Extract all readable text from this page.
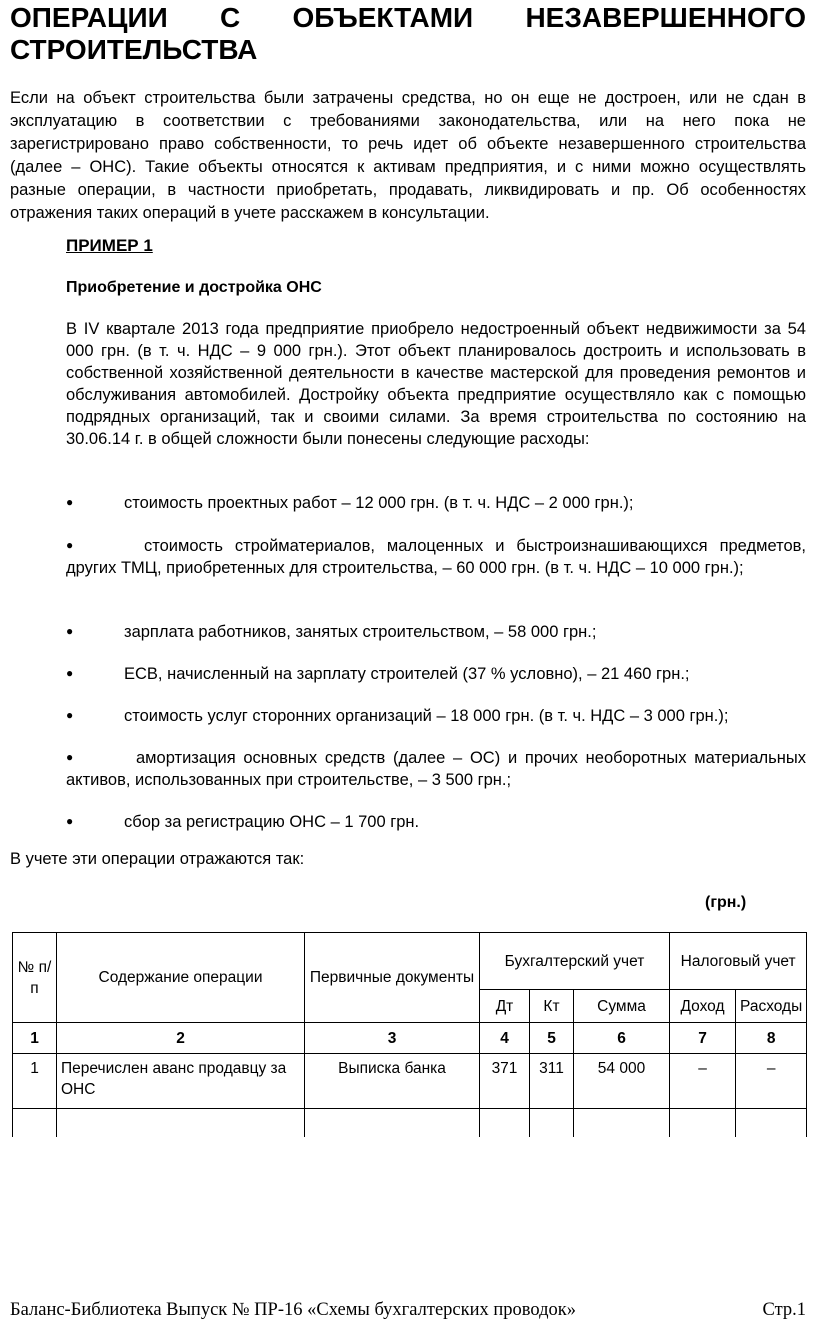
ОПЕРАЦИИ С ОБЪЕКТАМИ НЕЗАВЕРШЕННОГО СТРОИТЕЛЬСТВА

Если на объект строительства были затрачены средства, но он еще не достроен, или не сдан в эксплуатацию в соответствии с требованиями законодательства, или на него пока не зарегистрировано право собственности, то речь идет об объекте незавершенного строительства (далее – ОНС). Такие объекты относятся к активам предприятия, и с ними можно осуществлять разные операции, в частности приобретать, продавать, ликвидировать и пр. Об особенностях отражения таких операций в учете расскажем в консультации.

ПРИМЕР 1

Приобретение и достройка ОНС

В IV квартале 2013 года предприятие приобрело недостроенный объект недвижимости за 54 000 грн. (в т. ч. НДС – 9 000 грн.). Этот объект планировалось достроить и использовать в собственной хозяйственной деятельности в качестве мастерской для проведения ремонтов и обслуживания автомобилей. Достройку объекта предприятие осуществляло как с помощью подрядных организаций, так и своими силами. За время строительства по состоянию на 30.06.14 г. в общей сложности были понесены следующие расходы:

●	стоимость проектных работ – 12 000 грн. (в т. ч. НДС – 2 000 грн.);

●	стоимость стройматериалов, малоценных и быстроизнашивающихся предметов, других ТМЦ, приобретенных для строительства, – 60 000 грн. (в т. ч. НДС – 10 000 грн.);

●	зарплата работников, занятых строительством, – 58 000 грн.;

●	ЕСВ, начисленный на зарплату строителей (37 % условно), – 21 460 грн.;

●	стоимость услуг сторонних организаций – 18 000 грн. (в т. ч. НДС – 3 000 грн.);

●	амортизация основных средств (далее – ОС) и прочих необоротных материальных активов, использованных при строительстве, – 3 500 грн.;

●	сбор за регистрацию ОНС – 1 700 грн.

В учете эти операции отражаются так:

(грн.)

№ п/п	Содержание операции	Первичные документы	Бухгалтерский учет			Налоговый учет	
			Дт	Кт	Сумма	Доход	Расходы
1	2	3	4	5	6	7	8
1	Перечислен аванс продавцу за ОНС	Выписка банка	371	311	54 000	–	–

Баланс-Библиотека Выпуск № ПР-16 «Схемы бухгалтерских проводок»	Стр.1
